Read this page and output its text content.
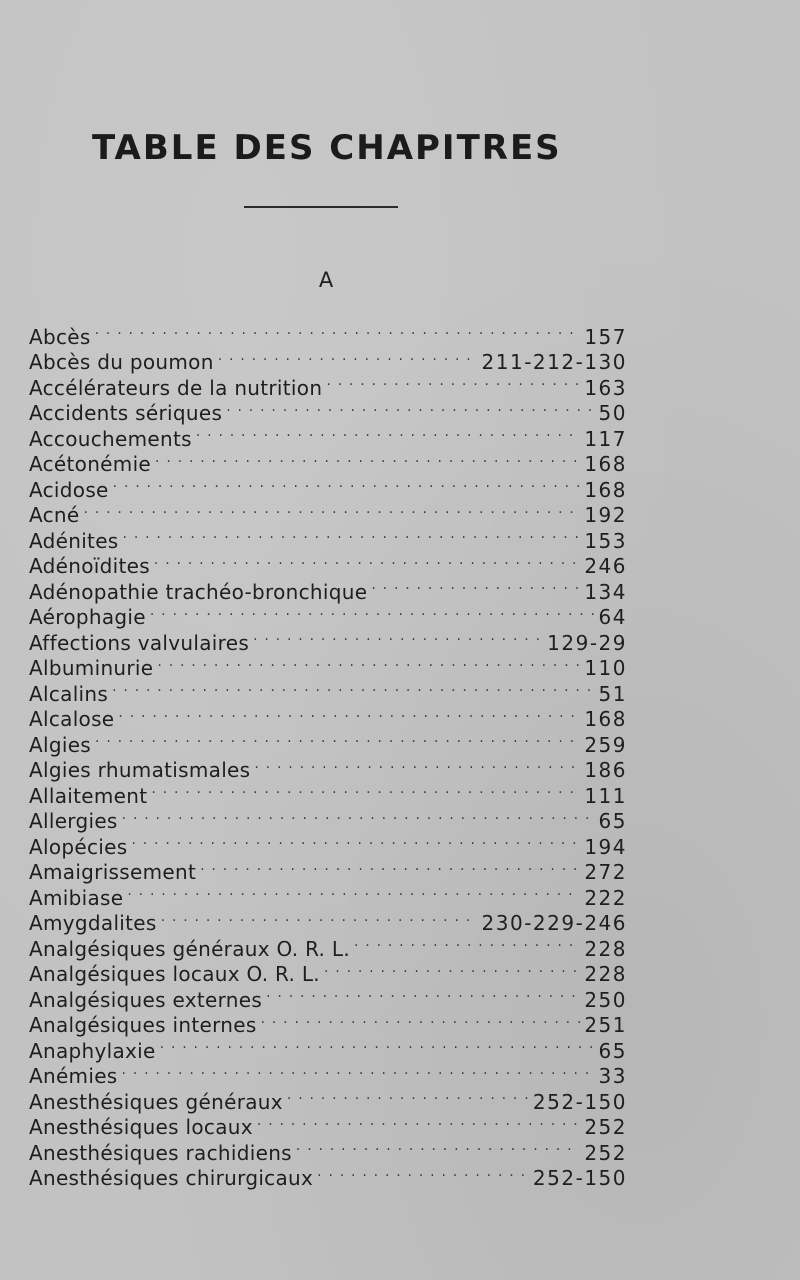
TABLE DES CHAPITRES
A
Abcès . . .	157
Abcès du poumon . . .	211-212-130
Accélérateurs de la nutrition . . .	163
Accidents sériques . . .	50
Accouchements . . .	117
Acétonémie . . .	168
Acidose . . .	168
Acné . . .	192
Adénites . . .	153
Adénoïdites . . .	246
Adénopathie trachéo-bronchique . . .	134
Aérophagie . . .	64
Affections valvulaires . . .	129-29
Albuminurie . . .	110
Alcalins . . .	51
Alcalose . . .	168
Algies . . .	259
Algies rhumatismales . . .	186
Allaitement . . .	111
Allergies . . .	65
Alopécies . . .	194
Amaigrissement . . .	272
Amibiase . . .	222
Amygdalites . . .	230-229-246
Analgésiques généraux O. R. L. . . .	228
Analgésiques locaux O. R. L. . . .	228
Analgésiques externes . . .	250
Analgésiques internes . . .	251
Anaphylaxie . . .	65
Anémies . . .	33
Anesthésiques généraux . . .	252-150
Anesthésiques locaux . . .	252
Anesthésiques rachidiens . . .	252
Anesthésiques chirurgicaux . . .	252-150
